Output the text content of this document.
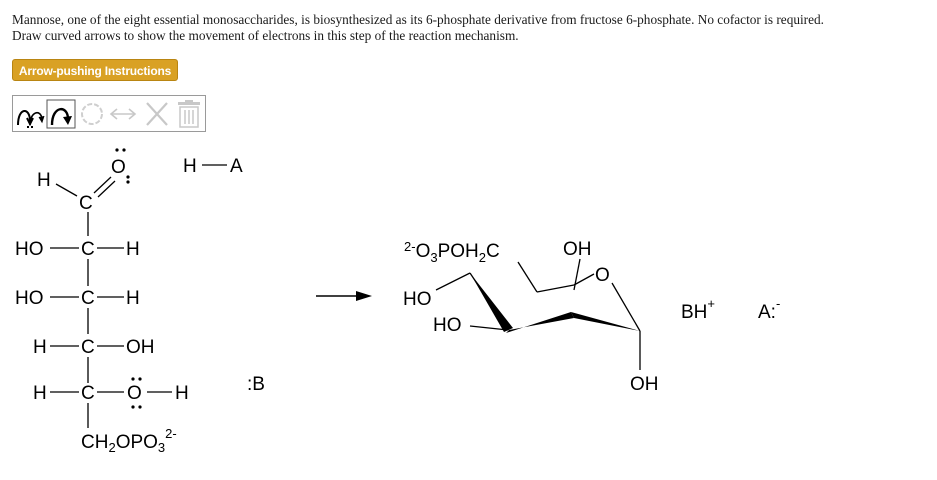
Mannose, one of the eight essential monosaccharides, is biosynthesized as its 6-phosphate derivative from fructose 6-phosphate. No cofactor is required.
Draw curved arrows to show the movement of electrons in this step of the reaction mechanism.
Arrow-pushing Instructions
H
C
O
HO C H
HO C H
H C OH
H C O H
$CH_2OPO_3^{2-}$
H A
:B
$^{2-}O_3POH_2C$	OH
O
HO
HO
OH
BH+ A:-
